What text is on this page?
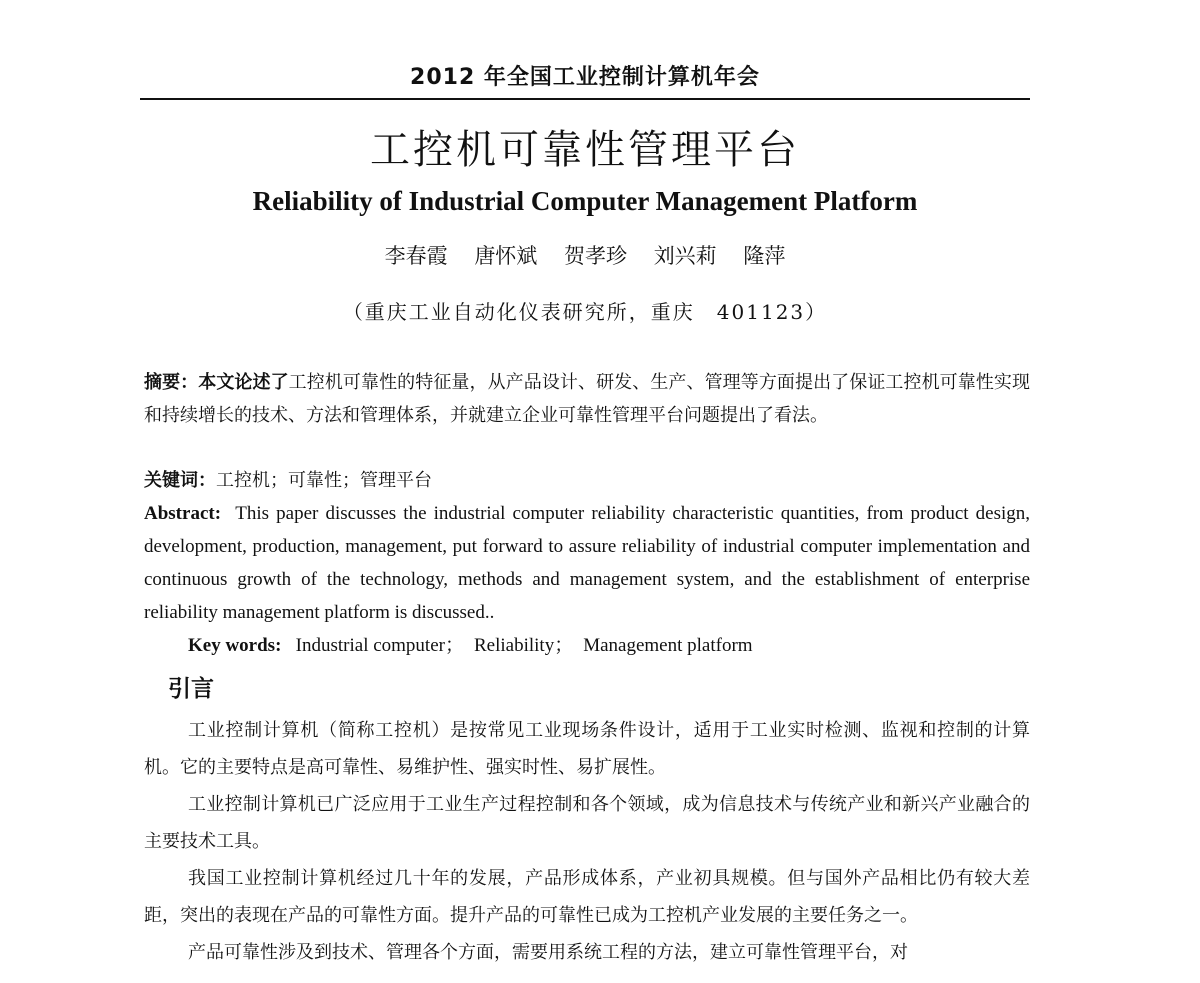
2012 年全国工业控制计算机年会
工控机可靠性管理平台
Reliability of Industrial Computer Management Platform
李春霞 唐怀斌 贺孝珍 刘兴莉 隆萍
（重庆工业自动化仪表研究所，重庆　401123）
摘要：本文论述了工控机可靠性的特征量，从产品设计、研发、生产、管理等方面提出了保证工控机可靠性实现和持续增长的技术、方法和管理体系，并就建立企业可靠性管理平台问题提出了看法。
关键词：工控机；可靠性；管理平台
Abstract: This paper discusses the industrial computer reliability characteristic quantities, from product design, development, production, management, put forward to assure reliability of industrial computer implementation and continuous growth of the technology, methods and management system, and the establishment of enterprise reliability management platform is discussed..
Key words: Industrial computer； Reliability； Management platform
引言

工业控制计算机（简称工控机）是按常见工业现场条件设计，适用于工业实时检测、监视和控制的计算机。它的主要特点是高可靠性、易维护性、强实时性、易扩展性。

工业控制计算机已广泛应用于工业生产过程控制和各个领域，成为信息技术与传统产业和新兴产业融合的主要技术工具。

我国工业控制计算机经过几十年的发展，产品形成体系，产业初具规模。但与国外产品相比仍有较大差距，突出的表现在产品的可靠性方面。提升产品的可靠性已成为工控机产业发展的主要任务之一。

产品可靠性涉及到技术、管理各个方面，需要用系统工程的方法，建立可靠性管理平台，对
